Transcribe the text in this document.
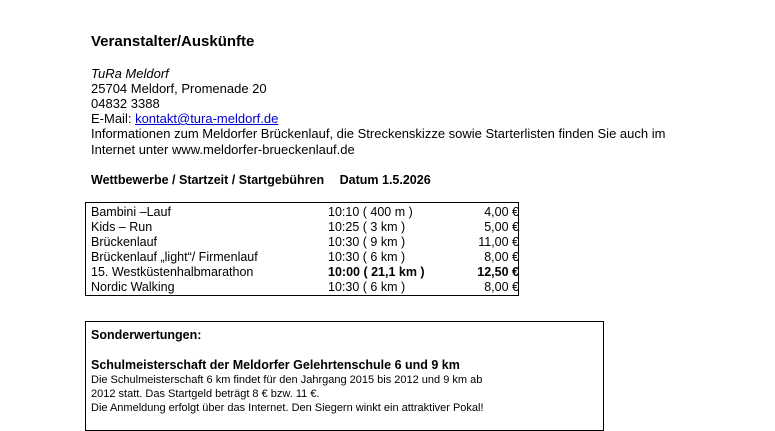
Veranstalter/Auskünfte
TuRa Meldorf
25704 Meldorf, Promenade 20
04832 3388
E-Mail: kontakt@tura-meldorf.de
Informationen zum Meldorfer Brückenlauf, die Streckenskizze sowie Starterlisten finden Sie auch im
Internet unter www.meldorfer-brueckenlauf.de
Wettbewerbe / Startzeit / Startgebühren Datum 1.5.2026
Bambini –Lauf	10:10 ( 400 m )	4,00 €
Kids – Run	10:25 ( 3 km )	5,00 €
Brückenlauf	10:30 ( 9 km )	11,00 €
Brückenlauf „light“/ Firmenlauf	10:30 ( 6 km )	8,00 €
15. Westküstenhalbmarathon	10:00 ( 21,1 km )	12,50 €
Nordic Walking	10:30 ( 6 km )	8,00 €
Sonderwertungen:
Schulmeisterschaft der Meldorfer Gelehrtenschule 6 und 9 km
Die Schulmeisterschaft 6 km findet für den Jahrgang 2015 bis 2012 und 9 km ab
2012 statt. Das Startgeld beträgt 8 € bzw. 11 €.
Die Anmeldung erfolgt über das Internet. Den Siegern winkt ein attraktiver Pokal!
